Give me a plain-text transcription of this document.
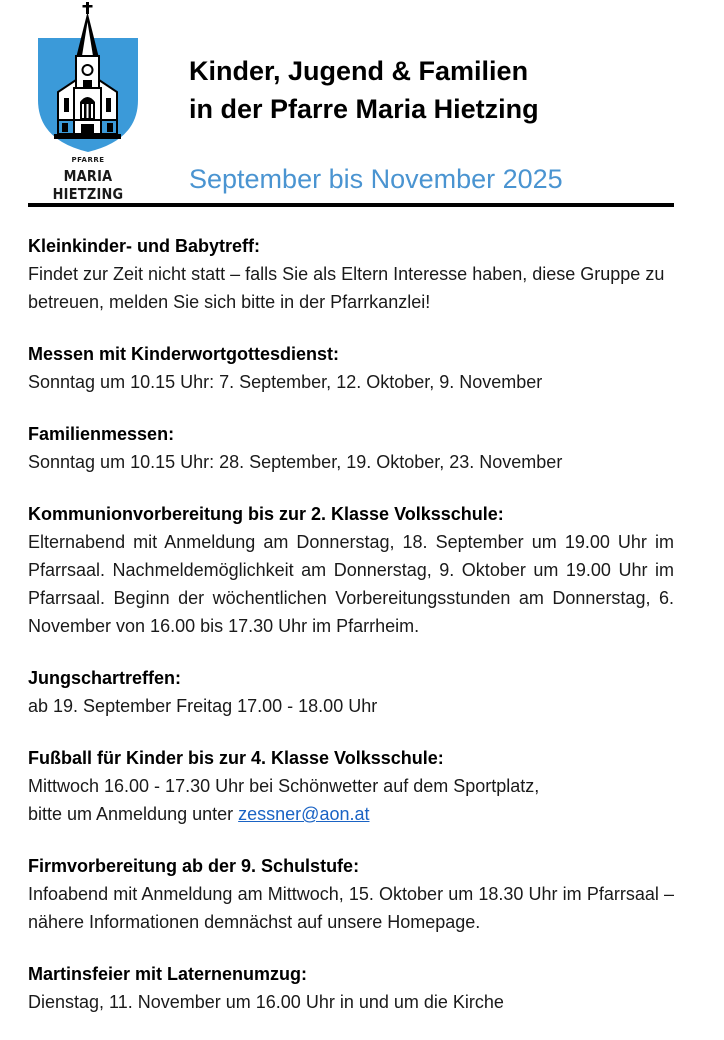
PFARRE
MARIA HIETZING
Kinder, Jugend & Familien
in der Pfarre Maria Hietzing
September bis November 2025
Kleinkinder- und Babytreff:

Findet zur Zeit nicht statt – falls Sie als Eltern Interesse haben, diese Gruppe zu betreuen, melden Sie sich bitte in der Pfarrkanzlei!

Messen mit Kinderwortgottesdienst:

Sonntag um 10.15 Uhr: 7. September, 12. Oktober, 9. November

Familienmessen:

Sonntag um 10.15 Uhr: 28. September, 19. Oktober, 23. November

Kommunionvorbereitung bis zur 2. Klasse Volksschule:

Elternabend mit Anmeldung am Donnerstag, 18. September um 19.00 Uhr im Pfarrsaal. Nachmeldemöglichkeit am Donnerstag, 9. Oktober um 19.00 Uhr im Pfarrsaal. Beginn der wöchentlichen Vorbereitungsstunden am Donnerstag, 6. November von 16.00 bis 17.30 Uhr im Pfarrheim.

Jungschartreffen:

ab 19. September Freitag 17.00 - 18.00 Uhr

Fußball für Kinder bis zur 4. Klasse Volksschule:

Mittwoch 16.00 - 17.30 Uhr bei Schönwetter auf dem Sportplatz,
bitte um Anmeldung unter zessner@aon.at

Firmvorbereitung ab der 9. Schulstufe:

Infoabend mit Anmeldung am Mittwoch, 15. Oktober um 18.30 Uhr im Pfarrsaal – nähere Informationen demnächst auf unsere Homepage.

Martinsfeier mit Laternenumzug:

Dienstag, 11. November um 16.00 Uhr in und um die Kirche
